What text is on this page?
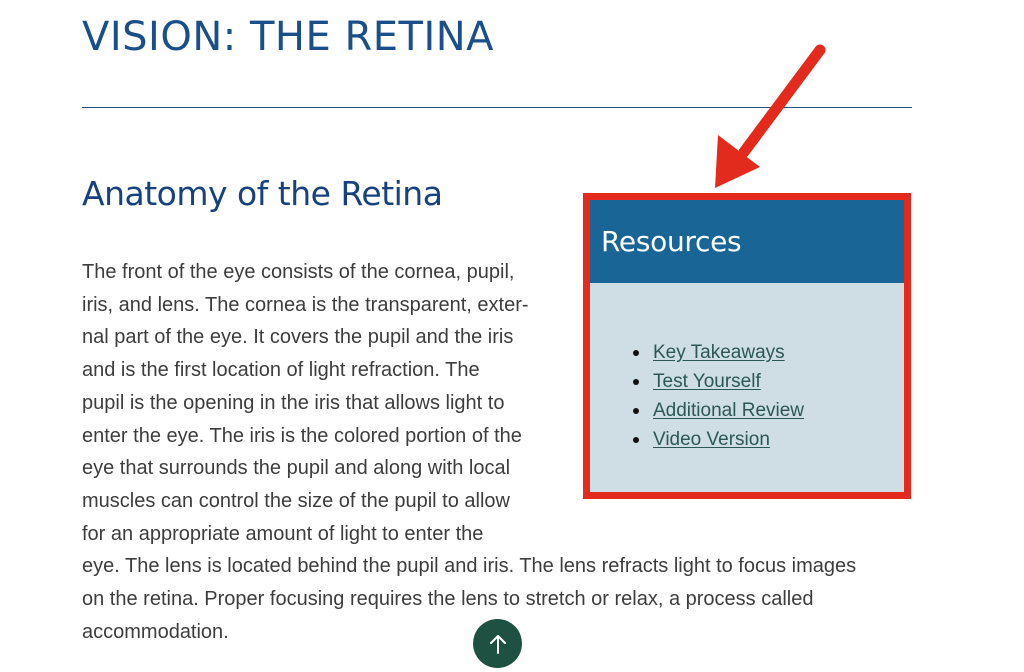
VISION: THE RETINA
Anatomy of the Retina
Resources
Key Takeaways
Test Yourself
Additional Review
Video Version

The front of the eye consists of the cornea, pupil,
iris, and lens. The cornea is the transparent, exter-
nal part of the eye. It covers the pupil and the iris
and is the first location of light refraction. The
pupil is the opening in the iris that allows light to
enter the eye. The iris is the colored portion of the
eye that surrounds the pupil and along with local
muscles can control the size of the pupil to allow
for an appropriate amount of light to enter the
eye. The lens is located behind the pupil and iris. The lens refracts light to focus images
on the retina. Proper focusing requires the lens to stretch or relax, a process called
accommodation.
